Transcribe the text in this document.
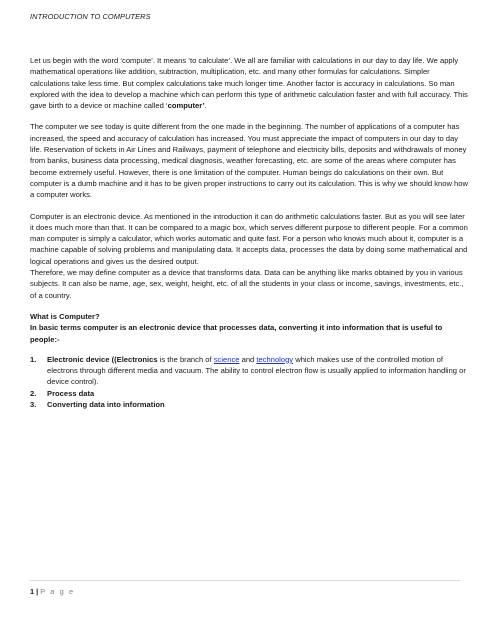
INTRODUCTION TO COMPUTERS

Let us begin with the word ‘compute’. It means ‘to calculate’. We all are familiar with calculations in our day to day life. We apply mathematical operations like addition, subtraction, multiplication, etc. and many other formulas for calculations. Simpler calculations take less time. But complex calculations take much longer time. Another factor is accuracy in calculations. So man explored with the idea to develop a machine which can perform this type of arithmetic calculation faster and with full accuracy. This gave birth to a device or machine called ‘computer’.

The computer we see today is quite different from the one made in the beginning. The number of applications of a computer has increased, the speed and accuracy of calculation has increased. You must appreciate the impact of computers in our day to day life. Reservation of tickets in Air Lines and Railways, payment of telephone and electricity bills, deposits and withdrawals of money from banks, business data processing, medical diagnosis, weather forecasting, etc. are some of the areas where computer has become extremely useful. However, there is one limitation of the computer. Human beings do calculations on their own. But computer is a dumb machine and it has to be given proper instructions to carry out its calculation. This is why we should know how a computer works.

Computer is an electronic device. As mentioned in the introduction it can do arithmetic calculations faster. But as you will see later it does much more than that. It can be compared to a magic box, which serves different purpose to different people. For a common man computer is simply a calculator, which works automatic and quite fast. For a person who knows much about it, computer is a machine capable of solving problems and manipulating data. It accepts data, processes the data by doing some mathematical and logical operations and gives us the desired output.

Therefore, we may define computer as a device that transforms data. Data can be anything like marks obtained by you in various subjects. It can also be name, age, sex, weight, height, etc. of all the students in your class or income, savings, investments, etc., of a country.

What is Computer?

In basic terms computer is an electronic device that processes data, converting it into information that is useful to people:-

1. Electronic device ((Electronics is the branch of science and technology which makes use of the controlled motion of electrons through different media and vacuum. The ability to control electron flow is usually applied to information handling or device control).
2. Process data
3. Converting data into information
1 | P a g e
